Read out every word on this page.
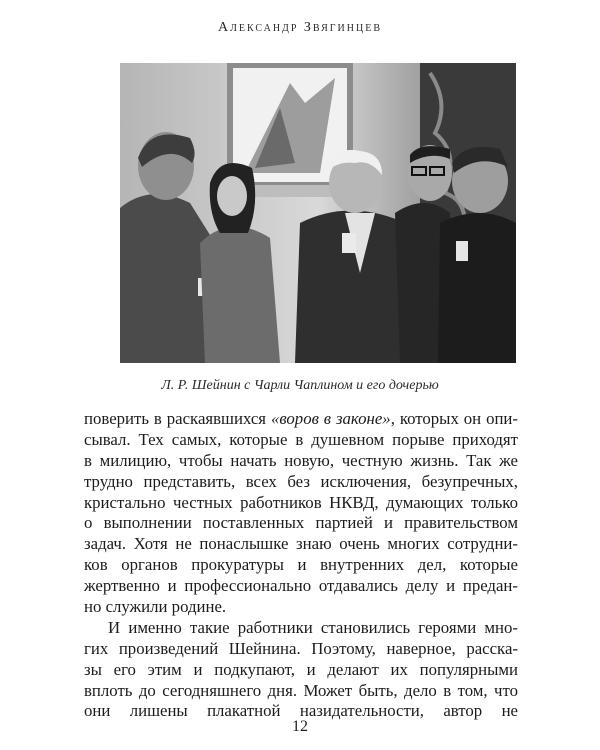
Александр Звягинцев
Л. Р. Шейнин с Чарли Чаплином и его дочерью
поверить в раскаявшихся «воров в законе», которых он опи-
сывал. Тех самых, которые в душевном порыве приходят
в милицию, чтобы начать новую, честную жизнь. Так же
трудно представить, всех без исключения, безупречных,
кристально честных работников НКВД, думающих только
о выполнении поставленных партией и правительством
задач. Хотя не понаслышке знаю очень многих сотрудни-
ков органов прокуратуры и внутренних дел, которые
жертвенно и профессионально отдавались делу и предан-
но служили родине.
И именно такие работники становились героями мно-
гих произведений Шейнина. Поэтому, наверное, расска-
зы его этим и подкупают, и делают их популярными
вплоть до сегодняшнего дня. Может быть, дело в том, что
они лишены плакатной назидательности, автор не
12
